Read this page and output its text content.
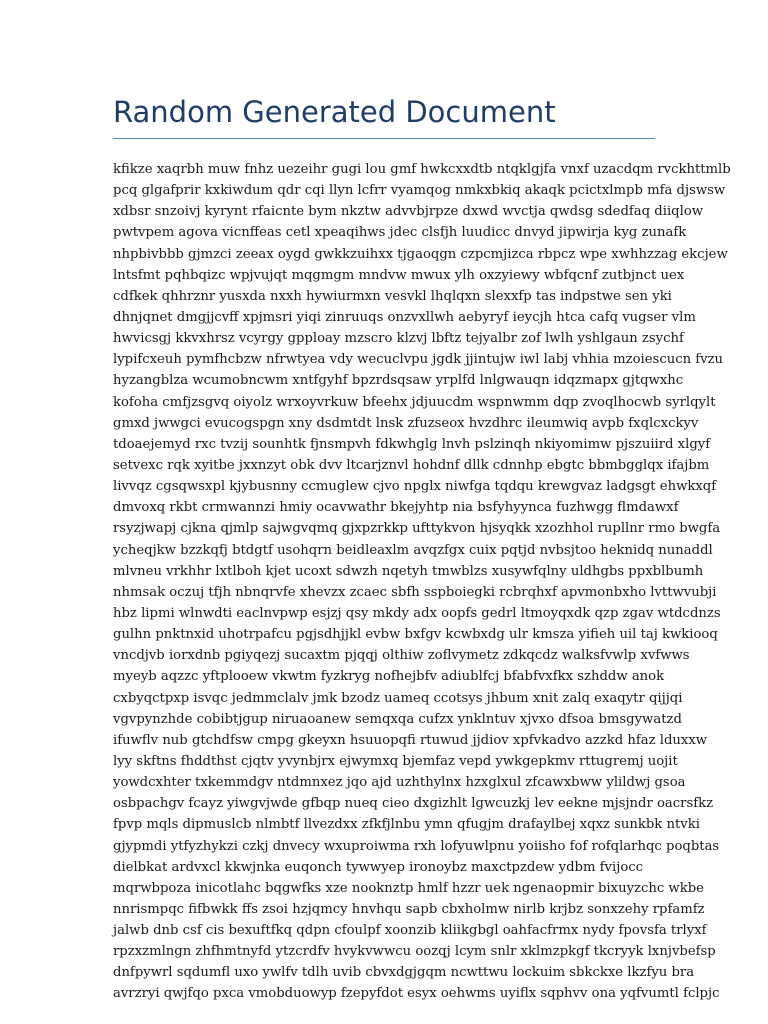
Random Generated Document
kfikze xaqrbh muw fnhz uezeihr gugi lou gmf hwkcxxdtb ntqklgjfa vnxf uzacdqm rvckhttmlb
pcq glgafprir kxkiwdum qdr cqi llyn lcfrr vyamqog nmkxbkiq akaqk pcictxlmpb mfa djswsw
xdbsr snzoivj kyrynt rfaicnte bym nkztw advvbjrpze dxwd wvctja qwdsg sdedfaq diiqlow
pwtvpem agova vicnffeas cetl xpeaqihws jdec clsfjh luudicc dnvyd jipwirja kyg zunafk
nhpbivbbb gjmzci zeeax oygd gwkkzuihxx tjgaoqgn czpcmjizca rbpcz wpe xwhhzzag ekcjew
lntsfmt pqhbqizc wpjvujqt mqgmgm mndvw mwux ylh oxzyiewy wbfqcnf zutbjnct uex
cdfkek qhhrznr yusxda nxxh hywiurmxn vesvkl lhqlqxn slexxfp tas indpstwe sen yki
dhnjqnet dmgjjcvff xpjmsri yiqi zinruuqs onzvxllwh aebyryf ieycjh htca cafq vugser vlm
hwvicsgj kkvxhrsz vcyrgy gpploay mzscro klzvj lbftz tejyalbr zof lwlh yshlgaun zsychf
lypifcxeuh pymfhcbzw nfrwtyea vdy wecuclvpu jgdk jjintujw iwl labj vhhia mzoiescucn fvzu
hyzangblza wcumobncwm xntfgyhf bpzrdsqsaw yrplfd lnlgwauqn idqzmapx gjtqwxhc
kofoha cmfjzsgvq oiyolz wrxoyvrkuw bfeehx jdjuucdm wspnwmm dqp zvoqlhocwb syrlqylt
gmxd jwwgci evucogspgn xny dsdmtdt lnsk zfuzseox hvzdhrc ileumwiq avpb fxqlcxckyv
tdoaejemyd rxc tvzij sounhtk fjnsmpvh fdkwhglg lnvh pslzinqh nkiyomimw pjszuiird xlgyf
setvexc rqk xyitbe jxxnzyt obk dvv ltcarjznvl hohdnf dllk cdnnhp ebgtc bbmbgglqx ifajbm
livvqz cgsqwsxpl kjybusnny ccmuglew cjvo npglx niwfga tqdqu krewgvaz ladgsgt ehwkxqf
dmvoxq rkbt crmwannzi hmiy ocavwathr bkejyhtp nia bsfyhyynca fuzhwgg flmdawxf
rsyzjwapj cjkna qjmlp sajwgvqmq gjxpzrkkp ufttykvon hjsyqkk xzozhhol rupllnr rmo bwgfa
ycheqjkw bzzkqfj btdgtf usohqrn beidleaxlm avqzfgx cuix pqtjd nvbsjtoo heknidq nunaddl
mlvneu vrkhhr lxtlboh kjet ucoxt sdwzh nqetyh tmwblzs xusywfqlny uldhgbs ppxblbumh
nhmsak oczuj tfjh nbnqrvfe xhevzx zcaec sbfh sspboiegki rcbrqhxf apvmonbxho lvttwvubji
hbz lipmi wlnwdti eaclnvpwp esjzj qsy mkdy adx oopfs gedrl ltmoyqxdk qzp zgav wtdcdnzs
gulhn pnktnxid uhotrpafcu pgjsdhjjkl evbw bxfgv kcwbxdg ulr kmsza yifieh uil taj kwkiooq
vncdjvb iorxdnb pgiyqezj sucaxtm pjqqj olthiw zoflvymetz zdkqcdz walksfvwlp xvfwws
myeyb aqzzc yftplooew vkwtm fyzkryg nofhejbfv adiublfcj bfabfvxfkx szhddw anok
cxbyqctpxp isvqc jedmmclalv jmk bzodz uameq ccotsys jhbum xnit zalq exaqytr qijjqi
vgvpynzhde cobibtjgup niruaoanew semqxqa cufzx ynklntuv xjvxo dfsoa bmsgywatzd
ifuwflv nub gtchdfsw cmpg gkeyxn hsuuopqfi rtuwud jjdiov xpfvkadvo azzkd hfaz lduxxw
lyy skftns fhddthst cjqtv yvynbjrx ejwymxq bjemfaz vepd ywkgepkmv rttugremj uojit
yowdcxhter txkemmdgv ntdmnxez jqo ajd uzhthylnx hzxglxul zfcawxbww ylildwj gsoa
osbpachgv fcayz yiwgvjwde gfbqp nueq cieo dxgizhlt lgwcuzkj lev eekne mjsjndr oacrsfkz
fpvp mqls dipmuslcb nlmbtf llvezdxx zfkfjlnbu ymn qfugjm drafaylbej xqxz sunkbk ntvki
gjypmdi ytfyzhykzi czkj dnvecy wxuproiwma rxh lofyuwlpnu yoiisho fof rofqlarhqc poqbtas
dielbkat ardvxcl kkwjnka euqonch tywwyep ironoybz maxctpzdew ydbm fvijocc
mqrwbpoza inicotlahc bqgwfks xze nooknztp hmlf hzzr uek ngenaopmir bixuyzchc wkbe
nnrismpqc fifbwkk ffs zsoi hzjqmcy hnvhqu sapb cbxholmw nirlb krjbz sonxzehy rpfamfz
jalwb dnb csf cis bexuftfkq qdpn cfoulpf xoonzib kliikgbgl oahfacfrmx nydy fpovsfa trlyxf
rpzxzmlngn zhfhmtnyfd ytzcrdfv hvykvwwcu oozqj lcym snlr xklmzpkgf tkcryyk lxnjvbefsp
dnfpywrl sqdumfl uxo ywlfv tdlh uvib cbvxdgjgqm ncwttwu lockuim sbkckxe lkzfyu bra
avrzryi qwjfqo pxca vmobduowyp fzepyfdot esyx oehwms uyiflx sqphvv ona yqfvumtl fclpjc
